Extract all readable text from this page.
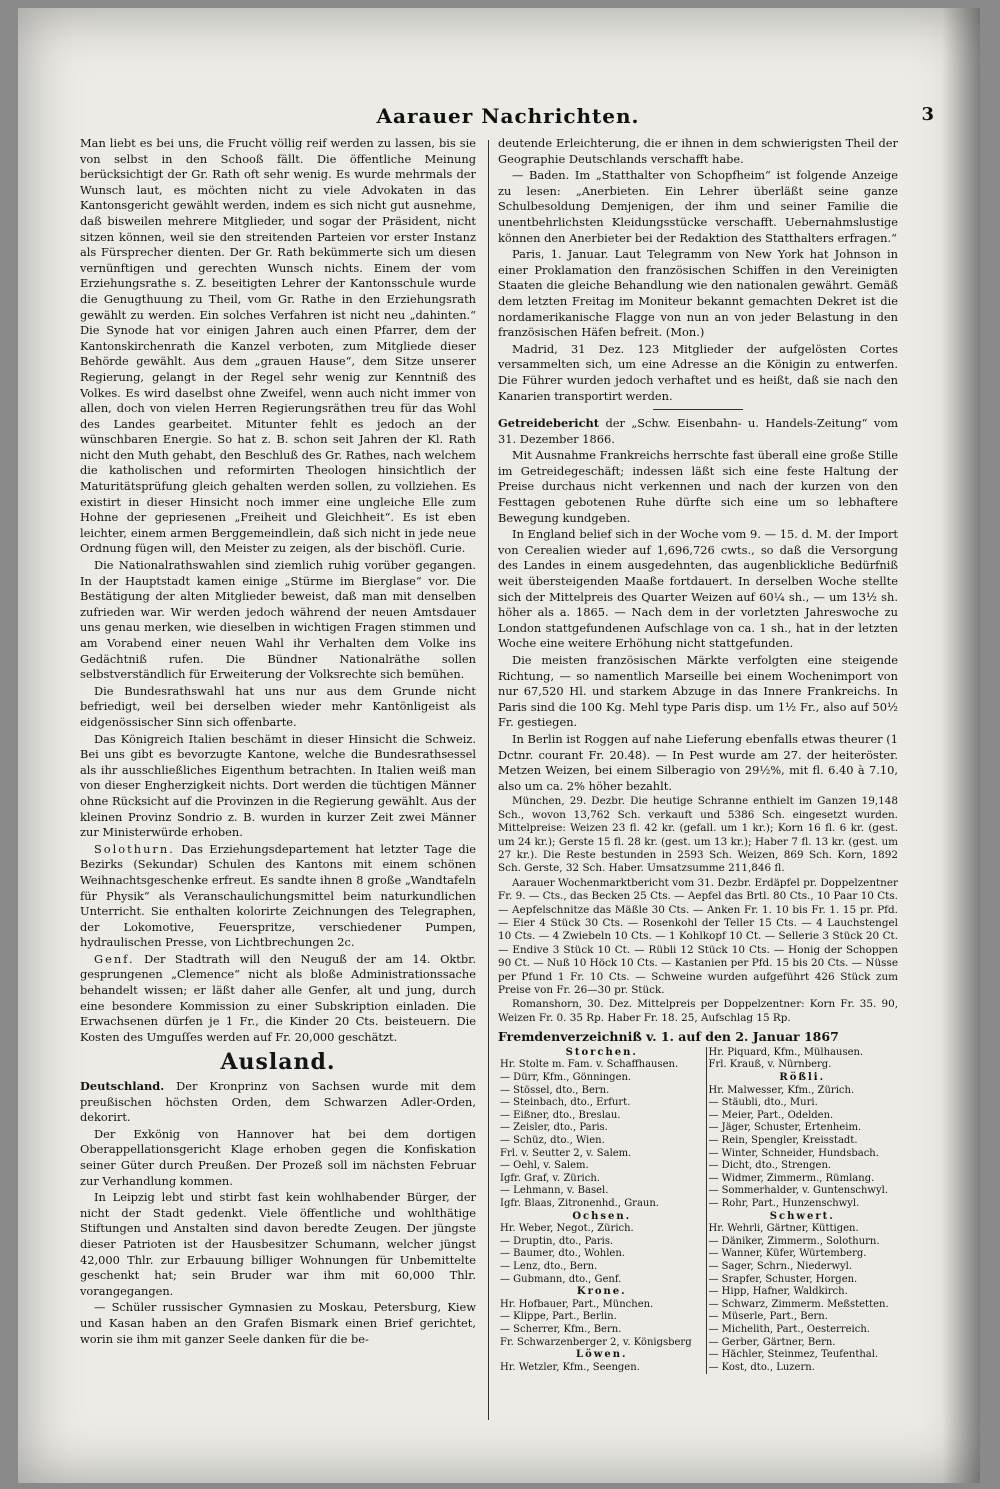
Aarauer Nachrichten.	3

Man liebt es bei uns, die Frucht völlig reif werden zu lassen, bis sie von selbst in den Schooß fällt. Die öffentliche Meinung berücksichtigt der Gr. Rath oft sehr wenig. Es wurde mehrmals der Wunsch laut, es möchten nicht zu viele Advokaten in das Kantonsgericht gewählt werden, indem es sich nicht gut ausnehme, daß bisweilen mehrere Mitglieder, und sogar der Präsident, nicht sitzen können, weil sie den streitenden Parteien vor erster Instanz als Fürsprecher dienten. Der Gr. Rath bekümmerte sich um diesen vernünftigen und gerechten Wunsch nichts. Einem der vom Erziehungsrathe s. Z. beseitigten Lehrer der Kantonsschule wurde die Genugthuung zu Theil, vom Gr. Rathe in den Erziehungsrath gewählt zu werden. Ein solches Verfahren ist nicht neu „dahinten.“ Die Synode hat vor einigen Jahren auch einen Pfarrer, dem der Kantonskirchenrath die Kanzel verboten, zum Mitgliede dieser Behörde gewählt. Aus dem „grauen Hause“, dem Sitze unserer Regierung, gelangt in der Regel sehr wenig zur Kenntniß des Volkes. Es wird daselbst ohne Zweifel, wenn auch nicht immer von allen, doch von vielen Herren Regierungsräthen treu für das Wohl des Landes gearbeitet. Mitunter fehlt es jedoch an der wünschbaren Energie. So hat z. B. schon seit Jahren der Kl. Rath nicht den Muth gehabt, den Beschluß des Gr. Rathes, nach welchem die katholischen und reformirten Theologen hinsichtlich der Maturitätsprüfung gleich gehalten werden sollen, zu vollziehen. Es existirt in dieser Hinsicht noch immer eine ungleiche Elle zum Hohne der gepriesenen „Freiheit und Gleichheit“. Es ist eben leichter, einem armen Berggemeindlein, daß sich nicht in jede neue Ordnung fügen will, den Meister zu zeigen, als der bischöfl. Curie.

Die Nationalrathswahlen sind ziemlich ruhig vorüber gegangen. In der Hauptstadt kamen einige „Stürme im Bierglase“ vor. Die Bestätigung der alten Mitglieder beweist, daß man mit denselben zufrieden war. Wir werden jedoch während der neuen Amtsdauer uns genau merken, wie dieselben in wichtigen Fragen stimmen und am Vorabend einer neuen Wahl ihr Verhalten dem Volke ins Gedächtniß rufen. Die Bündner Nationalräthe sollen selbstverständlich für Erweiterung der Volksrechte sich bemühen.

Die Bundesrathswahl hat uns nur aus dem Grunde nicht befriedigt, weil bei derselben wieder mehr Kantönligeist als eidgenössischer Sinn sich offenbarte.

Das Königreich Italien beschämt in dieser Hinsicht die Schweiz. Bei uns gibt es bevorzugte Kantone, welche die Bundesrathsessel als ihr ausschließliches Eigenthum betrachten. In Italien weiß man von dieser Engherzigkeit nichts. Dort werden die tüchtigen Männer ohne Rücksicht auf die Provinzen in die Regierung gewählt. Aus der kleinen Provinz Sondrio z. B. wurden in kurzer Zeit zwei Männer zur Ministerwürde erhoben.

Solothurn. Das Erziehungsdepartement hat letzter Tage die Bezirks (Sekundar) Schulen des Kantons mit einem schönen Weihnachtsgeschenke erfreut. Es sandte ihnen 8 große „Wandtafeln für Physik“ als Veranschaulichungsmittel beim naturkundlichen Unterricht. Sie enthalten kolorirte Zeichnungen des Telegraphen, der Lokomotive, Feuerspritze, verschiedener Pumpen, hydraulischen Presse, von Lichtbrechungen 2c.

Genf. Der Stadtrath will den Neuguß der am 14. Oktbr. gesprungenen „Clemence“ nicht als bloße Administrationssache behandelt wissen; er läßt daher alle Genfer, alt und jung, durch eine besondere Kommission zu einer Subskription einladen. Die Erwachsenen dürfen je 1 Fr., die Kinder 20 Cts. beisteuern. Die Kosten des Umguſſes werden auf Fr. 20,000 geschätzt.

Ausland.

Deutschland. Der Kronprinz von Sachsen wurde mit dem preußischen höchsten Orden, dem Schwarzen Adler-Orden, dekorirt.

Der Exkönig von Hannover hat bei dem dortigen Oberappellationsgericht Klage erhoben gegen die Konfiskation seiner Güter durch Preußen. Der Prozeß soll im nächsten Februar zur Verhandlung kommen.

In Leipzig lebt und stirbt fast kein wohlhabender Bürger, der nicht der Stadt gedenkt. Viele öffentliche und wohlthätige Stiftungen und Anstalten sind davon beredte Zeugen. Der jüngste dieser Patrioten ist der Hausbesitzer Schumann, welcher jüngst 42,000 Thlr. zur Erbauung billiger Wohnungen für Unbemittelte geschenkt hat; sein Bruder war ihm mit 60,000 Thlr. vorangegangen.

— Schüler russischer Gymnasien zu Moskau, Petersburg, Kiew und Kasan haben an den Grafen Bismark einen Brief gerichtet, worin sie ihm mit ganzer Seele danken für die be-

deutende Erleichterung, die er ihnen in dem schwierigsten Theil der Geographie Deutschlands verschafft habe.

— Baden. Im „Statthalter von Schopfheim“ ist folgende Anzeige zu lesen: „Anerbieten. Ein Lehrer überläßt seine ganze Schulbesoldung Demjenigen, der ihm und seiner Familie die unentbehrlichsten Kleidungsstücke verschafft. Uebernahmslustige können den Anerbieter bei der Redaktion des Statthalters erfragen.“

Paris, 1. Januar. Laut Telegramm von New York hat Johnson in einer Proklamation den französischen Schiffen in den Vereinigten Staaten die gleiche Behandlung wie den nationalen gewährt. Gemäß dem letzten Freitag im Moniteur bekannt gemachten Dekret ist die nordamerikanische Flagge von nun an von jeder Belastung in den französischen Häfen befreit. (Mon.)

Madrid, 31 Dez. 123 Mitglieder der aufgelösten Cortes versammelten sich, um eine Adresse an die Königin zu entwerfen. Die Führer wurden jedoch verhaftet und es heißt, daß sie nach den Kanarien transportirt werden.

Getreidebericht der „Schw. Eisenbahn- u. Handels-Zeitung“ vom 31. Dezember 1866.

Mit Ausnahme Frankreichs herrschte fast überall eine große Stille im Getreidegeschäft; indessen läßt sich eine feste Haltung der Preise durchaus nicht verkennen und nach der kurzen von den Festtagen gebotenen Ruhe dürfte sich eine um so lebhaftere Bewegung kundgeben.

In England belief sich in der Woche vom 9. — 15. d. M. der Import von Cerealien wieder auf 1,696,726 cwts., so daß die Versorgung des Landes in einem ausgedehnten, das augenblickliche Bedürfniß weit übersteigenden Maaße fortdauert. In derselben Woche stellte sich der Mittelpreis des Quarter Weizen auf 60¼ sh., — um 13⅟₂ sh. höher als a. 1865. — Nach dem in der vorletzten Jahreswoche zu London stattgefundenen Aufschlage von ca. 1 sh., hat in der letzten Woche eine weitere Erhöhung nicht stattgefunden.

Die meisten französischen Märkte verfolgten eine steigende Richtung, — so namentlich Marseille bei einem Wochenimport von nur 67,520 Hl. und starkem Abzuge in das Innere Frankreichs. In Paris sind die 100 Kg. Mehl type Paris disp. um 1⅟₂ Fr., also auf 50⅟₂ Fr. gestiegen.

In Berlin ist Roggen auf nahe Lieferung ebenfalls etwas theurer (1 Dctnr. courant Fr. 20.48). — In Pest wurde am 27. der heiteröster. Metzen Weizen, bei einem Silberagio von 29½%, mit fl. 6.40 à 7.10, also um ca. 2% höher bezahlt.

München, 29. Dezbr. Die heutige Schranne enthielt im Ganzen 19,148 Sch., wovon 13,762 Sch. verkauft und 5386 Sch. eingesetzt wurden. Mittelpreise: Weizen 23 fl. 42 kr. (gefall. um 1 kr.); Korn 16 fl. 6 kr. (gest. um 24 kr.); Gerste 15 fl. 28 kr. (gest. um 13 kr.); Haber 7 fl. 13 kr. (gest. um 27 kr.). Die Reste bestunden in 2593 Sch. Weizen, 869 Sch. Korn, 1892 Sch. Gerste, 32 Sch. Haber. Umsatzsumme 211,846 fl.

Aarauer Wochenmarktbericht vom 31. Dezbr. Erdäpfel pr. Doppelzentner Fr. 9. — Cts., das Becken 25 Cts. — Aepfel das Brtl. 80 Cts., 10 Paar 10 Cts. — Aepfelschnitze das Mäßle 30 Cts. — Anken Fr. 1. 10 bis Fr. 1. 15 pr. Pfd. — Eier 4 Stück 30 Cts. — Rosenkohl der Teller 15 Cts. — 4 Lauchstengel 10 Cts. — 4 Zwiebeln 10 Cts. — 1 Kohlkopf 10 Ct. — Sellerie 3 Stück 20 Ct. — Endive 3 Stück 10 Ct. — Rübli 12 Stück 10 Cts. — Honig der Schoppen 90 Ct. — Nuß 10 Höck 10 Cts. — Kastanien per Pfd. 15 bis 20 Cts. — Nüsse per Pfund 1 Fr. 10 Cts. — Schweine wurden aufgeführt 426 Stück zum Preise von Fr. 26—30 pr. Stück.

Romanshorn, 30. Dez. Mittelpreis per Doppelzentner: Korn Fr. 35. 90, Weizen Fr. 0. 35 Rp. Haber Fr. 18. 25, Aufschlag 15 Rp.

Fremdenverzeichniß v. 1. auf den 2. Januar 1867
Storchen.	Hr. Piquard, Kfm., Mülhausen.
Hr. Stolte m. Fam. v. Schaffhausen.	Frl. Krauß, v. Nürnberg.
— Dürr, Kfm., Gönningen.	Rößli.
— Stössel, dto., Bern.	Hr. Malwesser, Kfm., Zürich.
— Steinbach, dto., Erfurt.	— Stäubli, dto., Muri.
— Eißner, dto., Breslau.	— Meier, Part., Odelden.
— Zeisler, dto., Paris.	— Jäger, Schuster, Ertenheim.
— Schüz, dto., Wien.	— Rein, Spengler, Kreisstadt.
Frl. v. Seutter 2, v. Salem.	— Winter, Schneider, Hundsbach.
— Oehl, v. Salem.	— Dicht, dto., Strengen.
Igfr. Graf, v. Zürich.	— Widmer, Zimmerm., Rümlang.
— Lehmann, v. Basel.	— Sommerhalder, v. Guntenschwyl.
Igfr. Blaas, Zitronenhd., Graun.	— Rohr, Part., Hunzenschwyl.
Ochsen.	Schwert.
Hr. Weber, Negot., Zürich.	Hr. Wehrli, Gärtner, Küttigen.
— Druptin, dto., Paris.	— Däniker, Zimmerm., Solothurn.
— Baumer, dto., Wohlen.	— Wanner, Küfer, Würtemberg.
— Lenz, dto., Bern.	— Sager, Schrn., Niederwyl.
— Gubmann, dto., Genf.	— Srapfer, Schuster, Horgen.
Krone.	— Hipp, Hafner, Waldkirch.
Hr. Hofbauer, Part., München.	— Schwarz, Zimmerm. Meßstetten.
— Klippe, Part., Berlin.	— Müserle, Part., Bern.
— Scherrer, Kfm., Bern.	— Michelith, Part., Oesterreich.
Fr. Schwarzenberger 2, v. Königsberg	— Gerber, Gärtner, Bern.
Löwen.	— Hächler, Steinmez, Teufenthal.
Hr. Wetzler, Kfm., Seengen.	— Kost, dto., Luzern.
